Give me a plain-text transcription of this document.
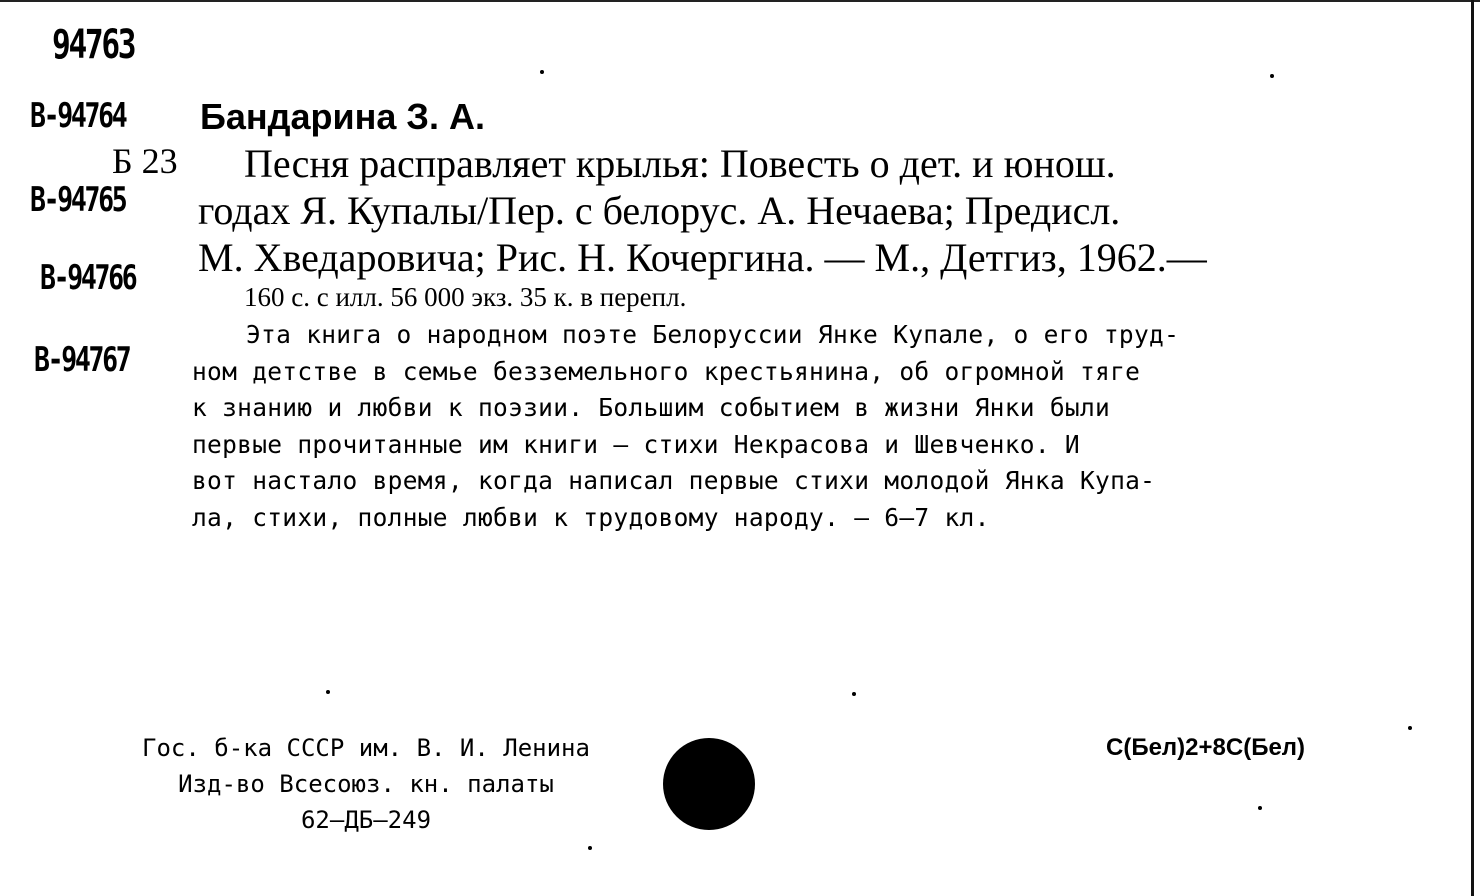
94763
В-94764
В-94765
В-94766
В-94767
Бандарина З. А.
Б 23	Песня расправляет крылья: Повесть о дет. и юнош.
годах Я. Купалы/Пер. с белорус. А. Нечаева; Предисл.
М. Хведаровича; Рис. Н. Кочергина. — М., Детгиз, 1962.—
160 с. с илл. 56 000 экз. 35 к. в перепл.
Эта книга о народном поэте Белоруссии Янке Купале, о его труд-
ном детстве в семье безземельного крестьянина, об огромной тяге
к знанию и любви к поэзии. Большим событием в жизни Янки были
первые прочитанные им книги — стихи Некрасова и Шевченко. И
вот настало время, когда написал первые стихи молодой Янка Купа-
ла, стихи, полные любви к трудовому народу. — 6—7 кл.
Гос. б-ка СССР им. В. И. Ленина
Изд-во Всесоюз. кн. палаты
62—ДБ—249
С(Бел)2+8С(Бел)
